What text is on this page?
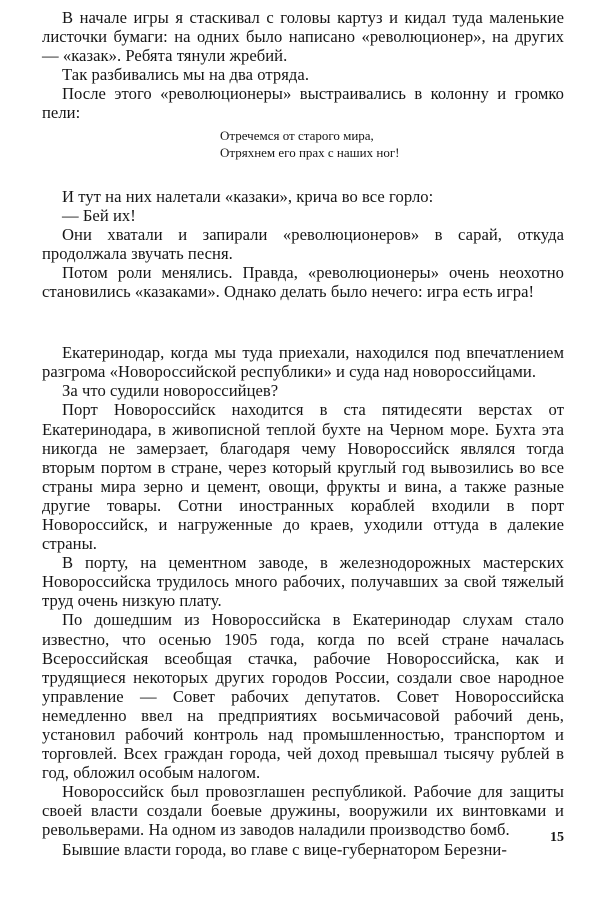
В начале игры я стаскивал с головы картуз и кидал туда маленькие листочки бумаги: на одних было написано «революционер», на других — «казак». Ребята тянули жребий.

Так разбивались мы на два отряда.

После этого «революционеры» выстраивались в колонну и громко пели:

Отречемся от старого мира,
Отряхнем его прах с наших ног!

И тут на них налетали «казаки», крича во все горло:

— Бей их!

Они хватали и запирали «революционеров» в сарай, откуда продолжала звучать песня.

Потом роли менялись. Правда, «революционеры» очень неохотно становились «казаками». Однако делать было нечего: игра есть игра!

Екатеринодар, когда мы туда приехали, находился под впечатлением разгрома «Новороссийской республики» и суда над новороссийцами.

За что судили новороссийцев?

Порт Новороссийск находится в ста пятидесяти верстах от Екатеринодара, в живописной теплой бухте на Черном море. Бухта эта никогда не замерзает, благодаря чему Новороссийск являлся тогда вторым портом в стране, через который круглый год вывозились во все страны мира зерно и цемент, овощи, фрукты и вина, а также разные другие товары. Сотни иностранных кораблей входили в порт Новороссийск, и нагруженные до краев, уходили оттуда в далекие страны.

В порту, на цементном заводе, в железнодорожных мастерских Новороссийска трудилось много рабочих, получавших за свой тяжелый труд очень низкую плату.

По дошедшим из Новороссийска в Екатеринодар слухам стало известно, что осенью 1905 года, когда по всей стране началась Всероссийская всеобщая стачка, рабочие Новороссийска, как и трудящиеся некоторых других городов России, создали свое народное управление — Совет рабочих депутатов. Совет Новороссийска немедленно ввел на предприятиях восьмичасовой рабочий день, установил рабочий контроль над промышленностью, транспортом и торговлей. Всех граждан города, чей доход превышал тысячу рублей в год, обложил особым налогом.

Новороссийск был провозглашен республикой. Рабочие для защиты своей власти создали боевые дружины, вооружили их винтовками и револьверами. На одном из заводов наладили производство бомб.

Бывшие власти города, во главе с вице-губернатором Березни-

15
